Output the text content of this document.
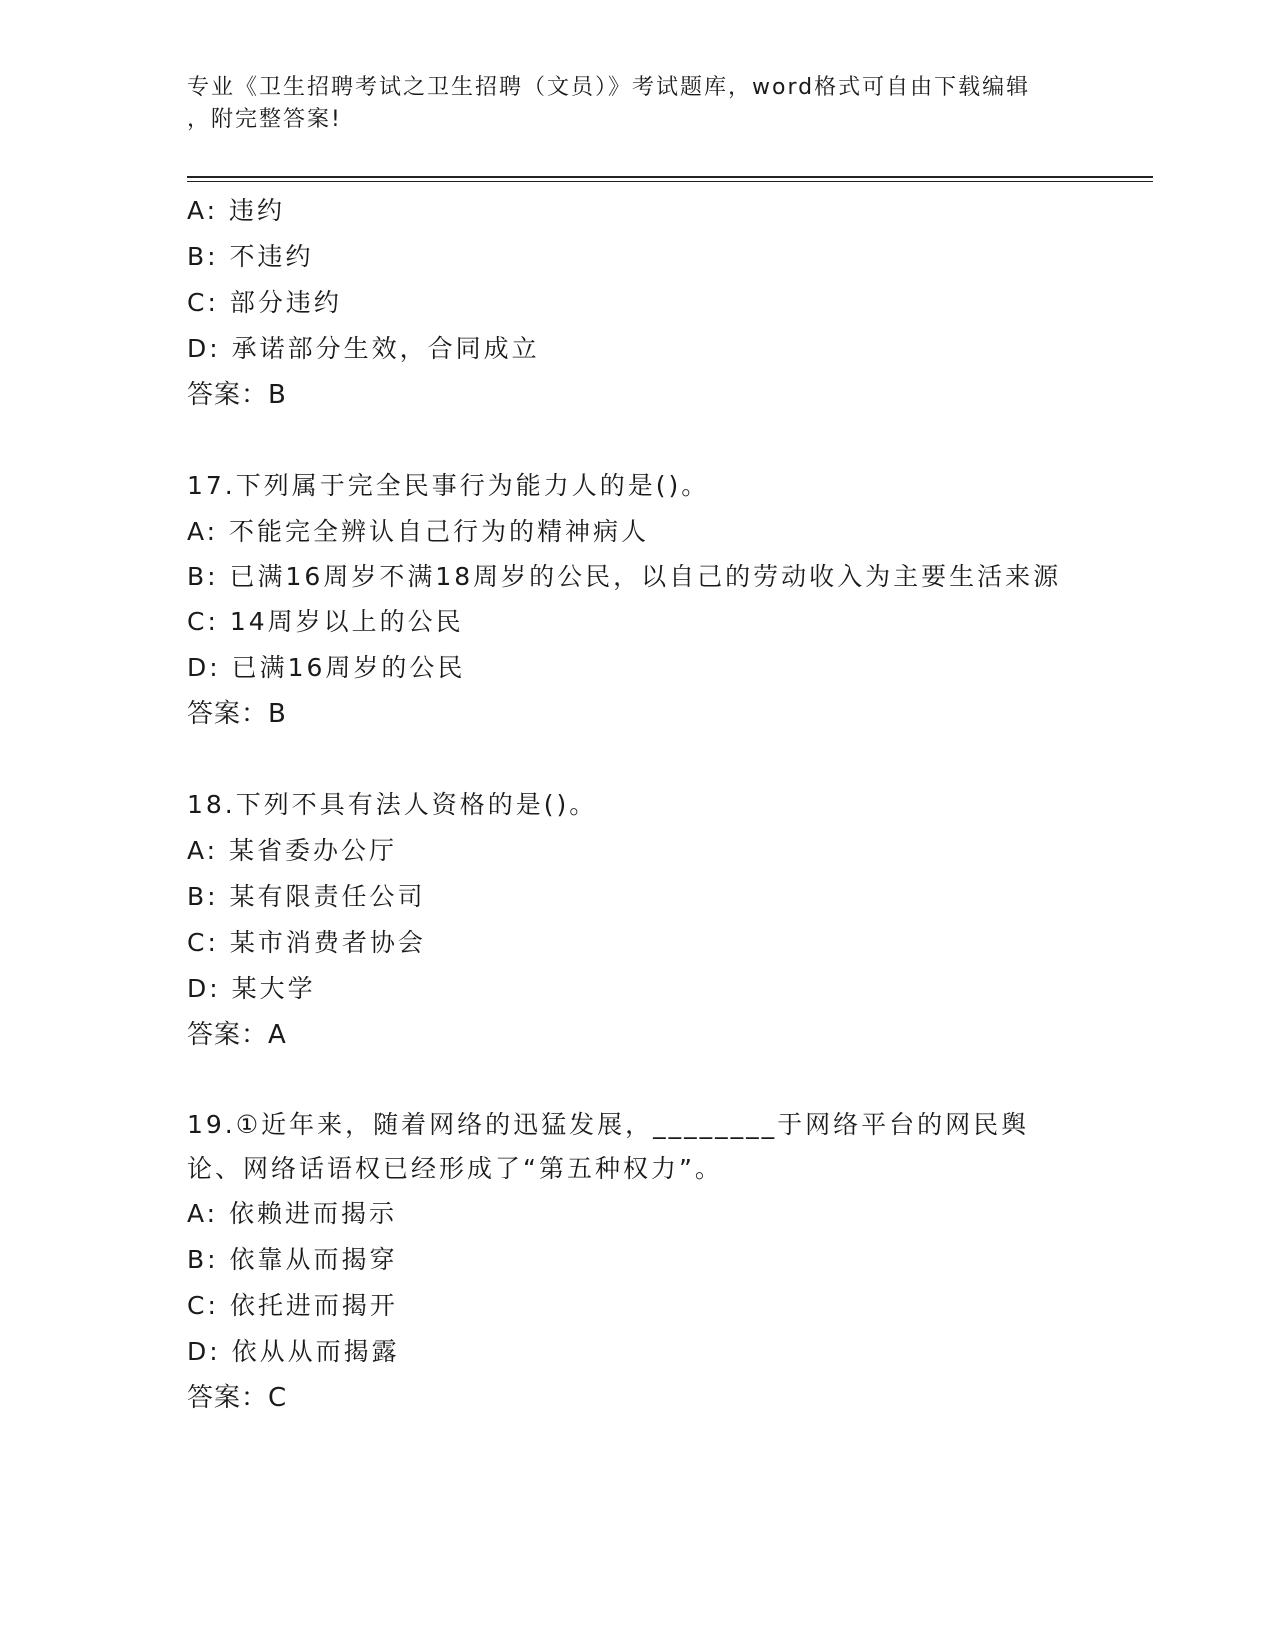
专业《卫生招聘考试之卫生招聘（文员）》考试题库，word格式可自由下载编辑
，附完整答案!
A: 违约
B: 不违约
C: 部分违约
D: 承诺部分生效，合同成立
答案：B
17.下列属于完全民事行为能力人的是()。
A: 不能完全辨认自己行为的精神病人
B: 已满16周岁不满18周岁的公民，以自己的劳动收入为主要生活来源
C: 14周岁以上的公民
D: 已满16周岁的公民
答案：B
18.下列不具有法人资格的是()。
A: 某省委办公厅
B: 某有限责任公司
C: 某市消费者协会
D: 某大学
答案：A
19.①近年来，随着网络的迅猛发展，________于网络平台的网民舆论、网络话语权已经形成了“第五种权力”。
A: 依赖进而揭示
B: 依靠从而揭穿
C: 依托进而揭开
D: 依从从而揭露
答案：C
